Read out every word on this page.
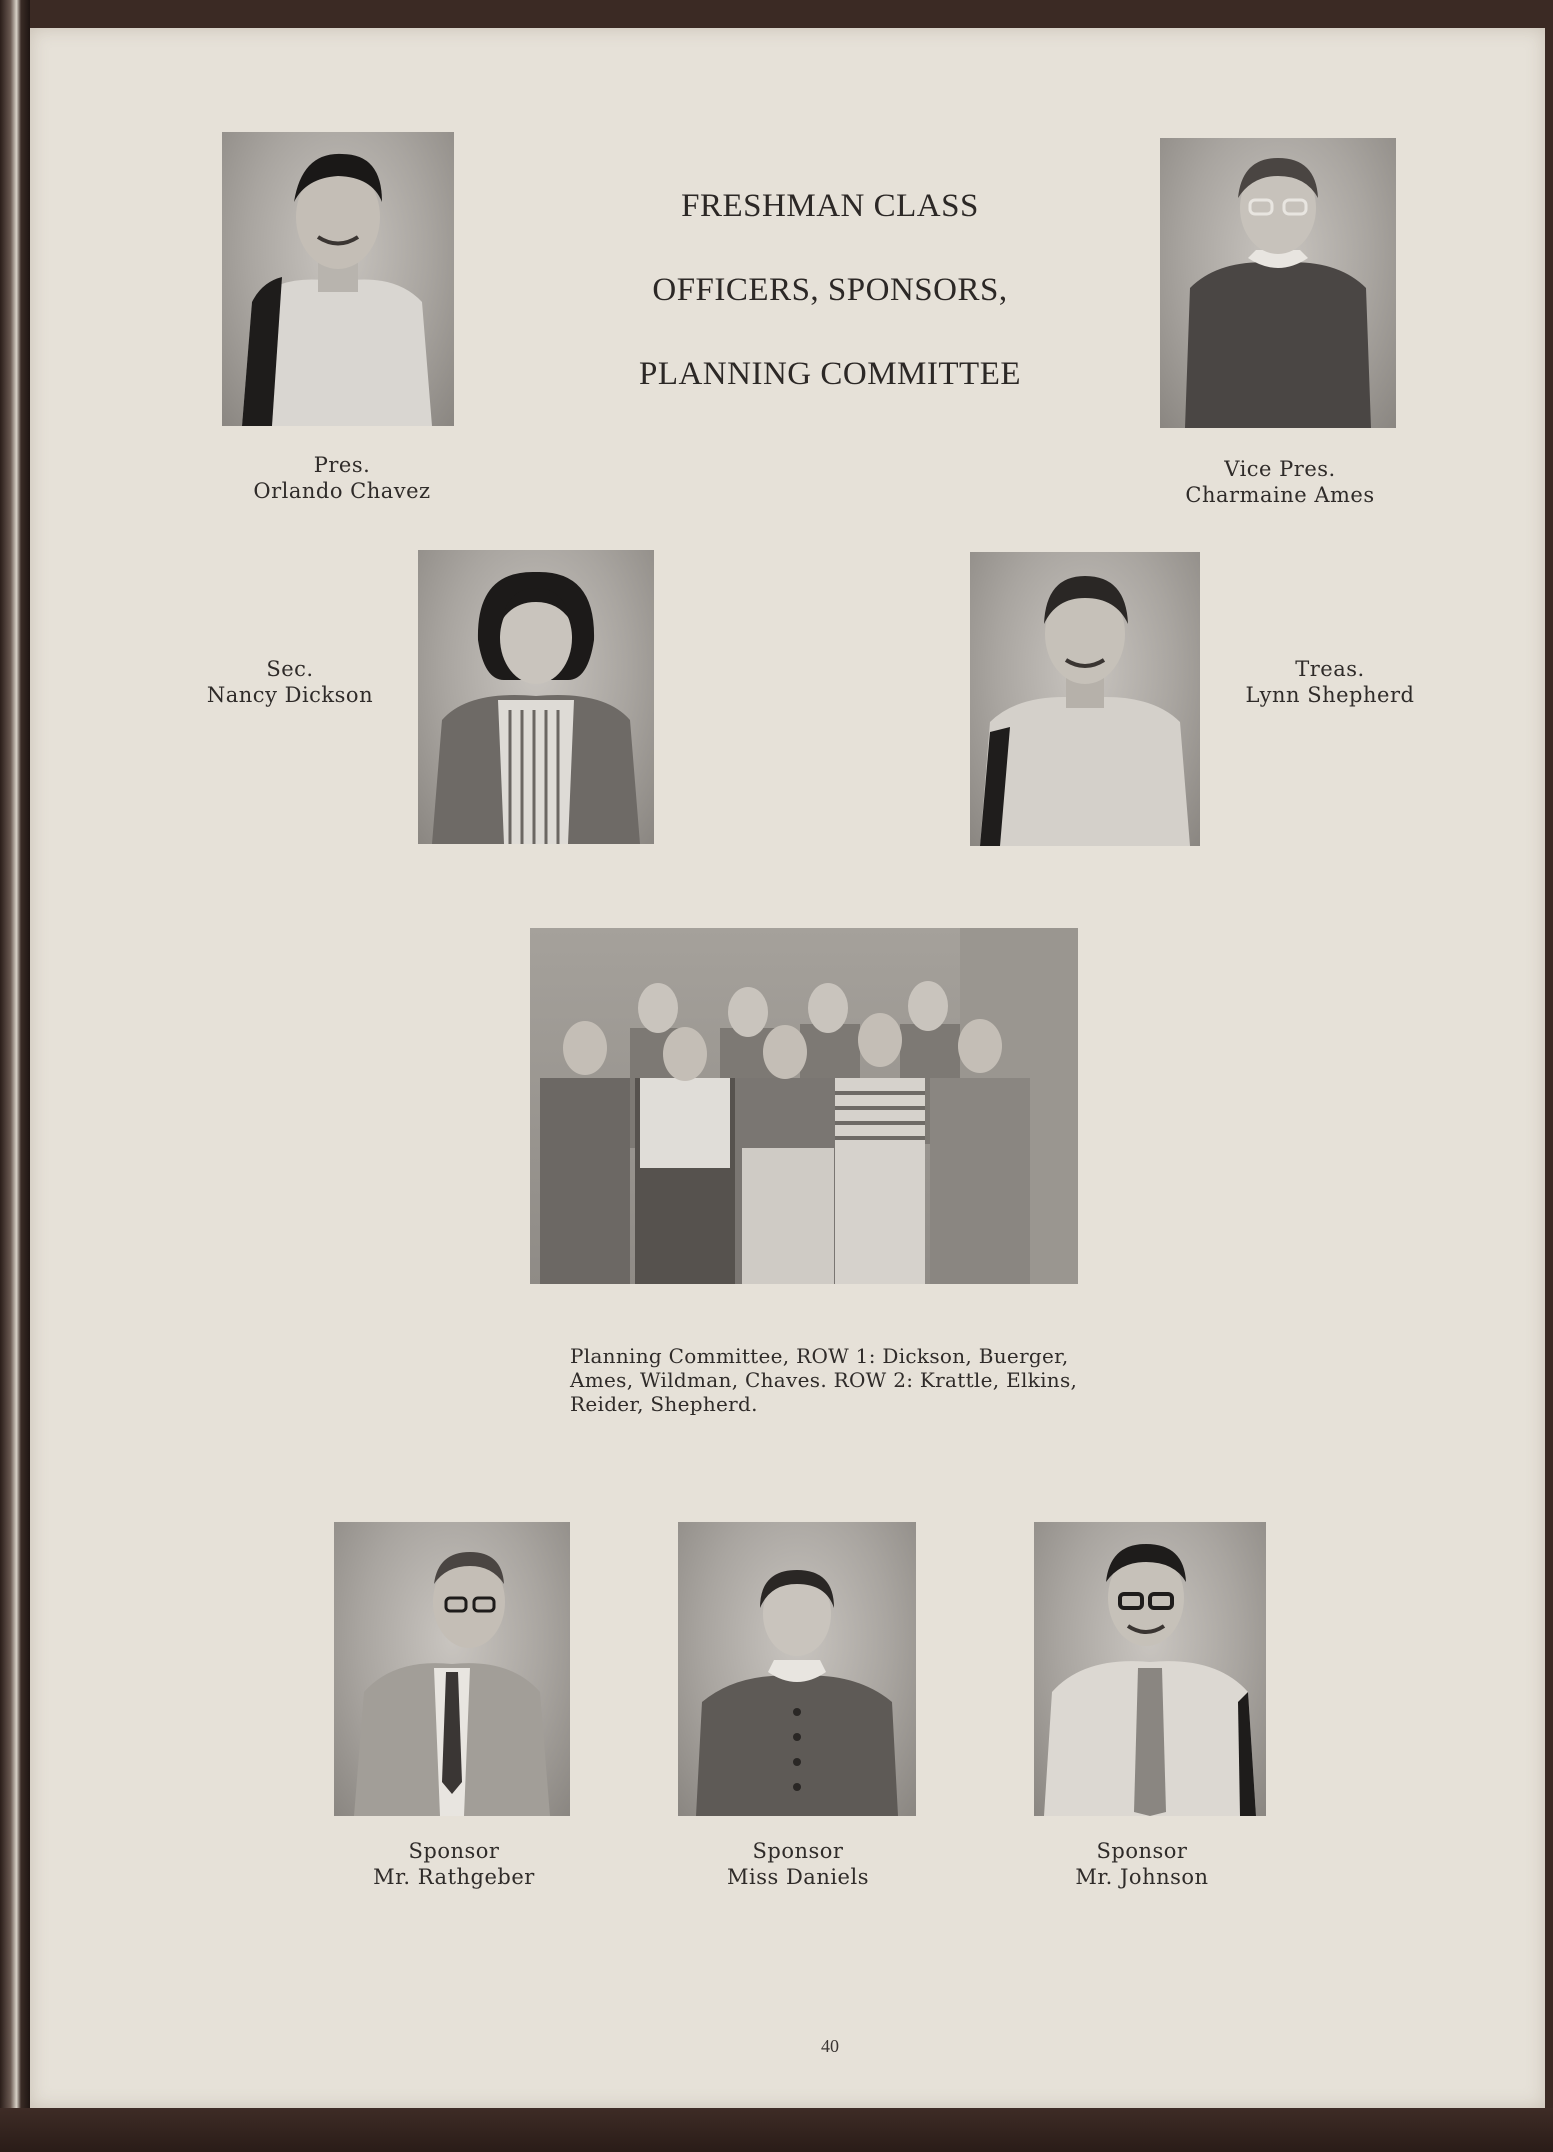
FRESHMAN CLASS
OFFICERS, SPONSORS,
PLANNING COMMITTEE
Pres.
Orlando Chavez
Vice Pres.
Charmaine Ames
Sec.
Nancy Dickson
Treas.
Lynn Shepherd
Planning Committee, ROW 1: Dickson, Buerger, Ames, Wildman, Chaves. ROW 2: Krattle, Elkins, Reider, Shepherd.
Sponsor
Mr. Rathgeber
Sponsor
Miss Daniels
Sponsor
Mr. Johnson
40
